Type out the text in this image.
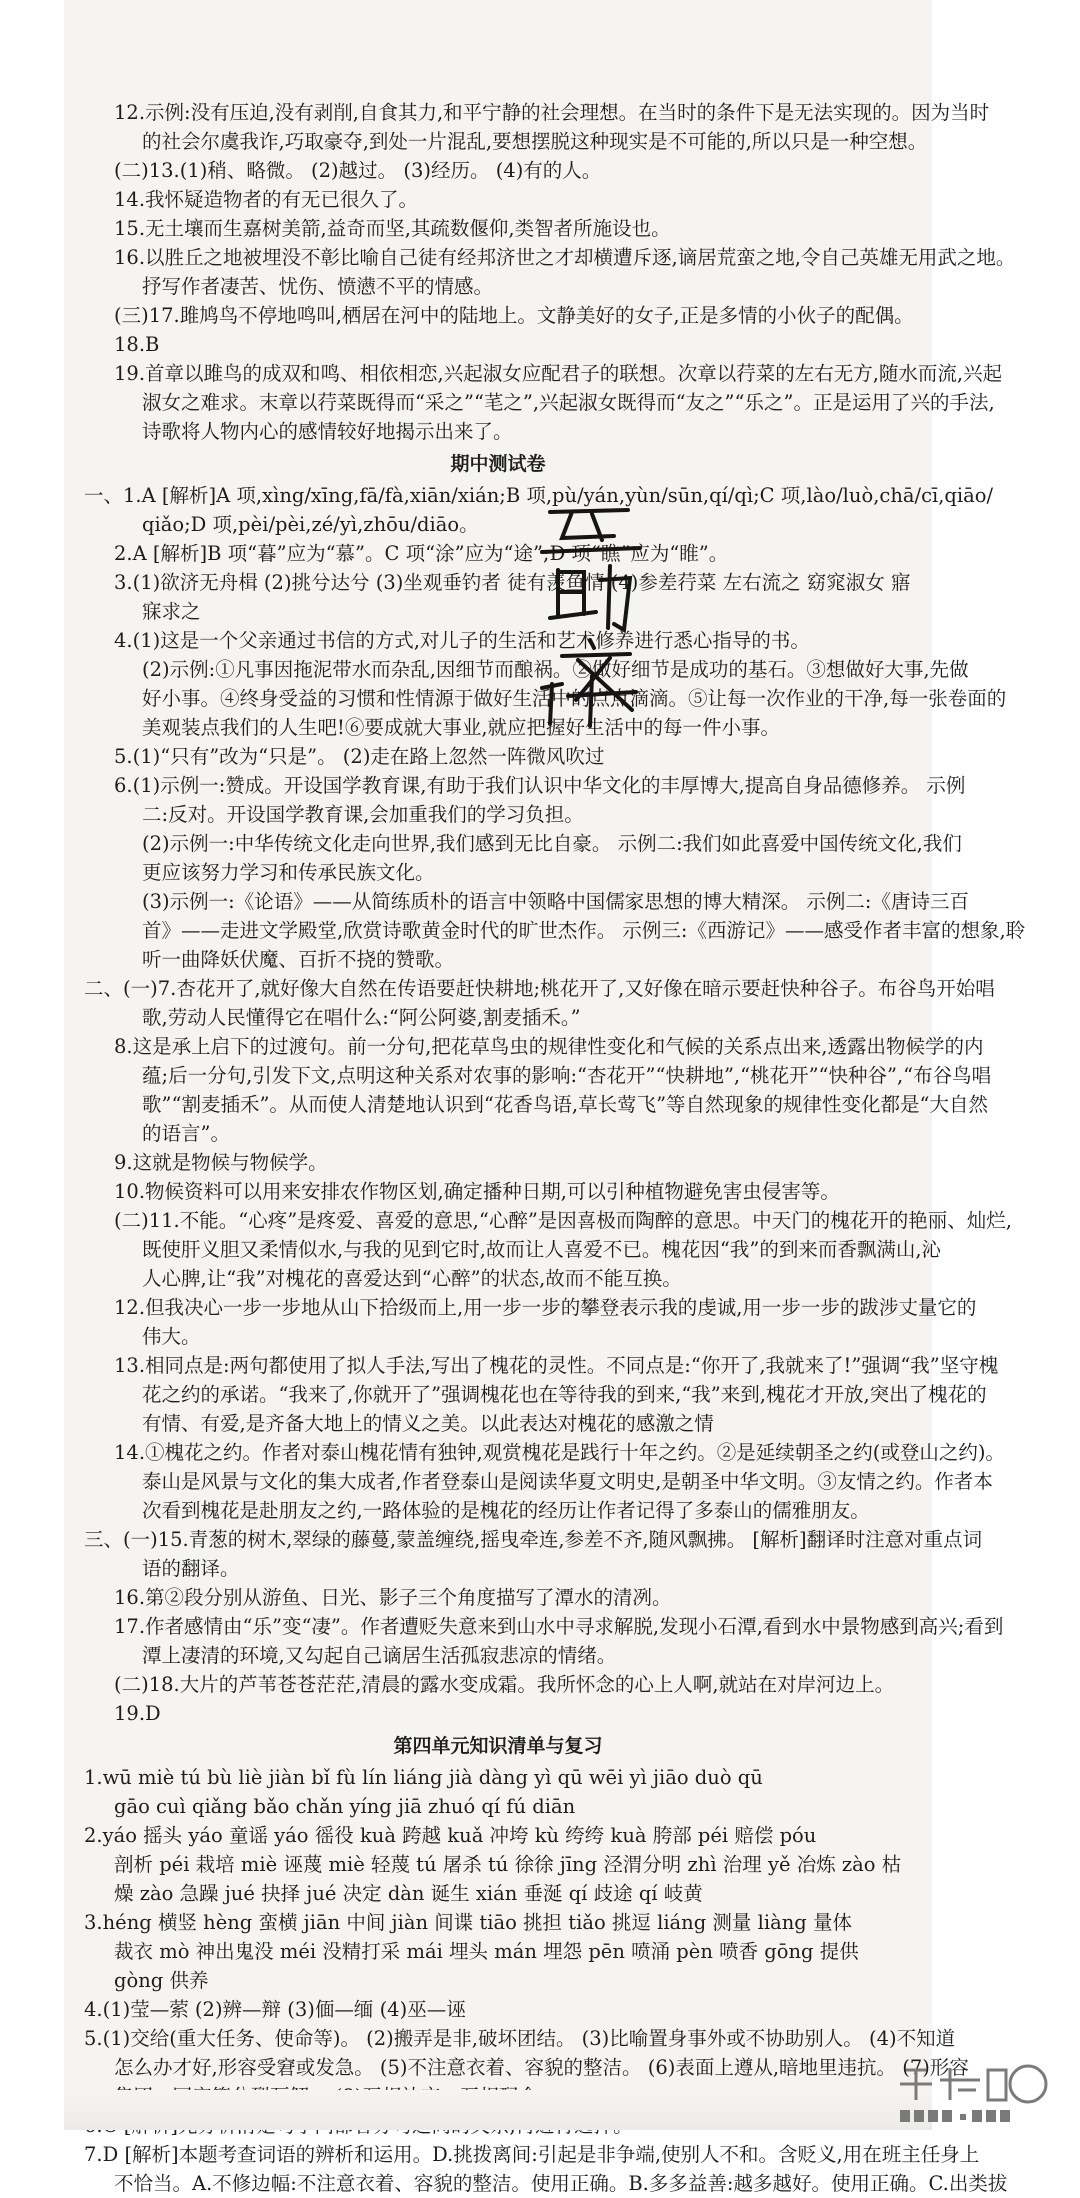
12.示例:没有压迫,没有剥削,自食其力,和平宁静的社会理想。在当时的条件下是无法实现的。因为当时
的社会尔虞我诈,巧取豪夺,到处一片混乱,要想摆脱这种现实是不可能的,所以只是一种空想。
(二)13.(1)稍、略微。 (2)越过。 (3)经历。 (4)有的人。
14.我怀疑造物者的有无已很久了。
15.无土壤而生嘉树美箭,益奇而坚,其疏数偃仰,类智者所施设也。
16.以胜丘之地被埋没不彰比喻自己徒有经邦济世之才却横遭斥逐,谪居荒蛮之地,令自己英雄无用武之地。
抒写作者凄苦、忧伤、愤懑不平的情感。
(三)17.雎鸠鸟不停地鸣叫,栖居在河中的陆地上。文静美好的女子,正是多情的小伙子的配偶。
18.B
19.首章以雎鸟的成双和鸣、相依相恋,兴起淑女应配君子的联想。次章以荇菜的左右无方,随水而流,兴起
淑女之难求。末章以荇菜既得而“采之”“芼之”,兴起淑女既得而“友之”“乐之”。正是运用了兴的手法,
诗歌将人物内心的感情较好地揭示出来了。
期中测试卷
一、1.A [解析]A 项,xìng/xīng,fā/fà,xiān/xián;B 项,pù/yán,yùn/sūn,qí/qì;C 项,lào/luò,chā/cī,qiāo/
qiǎo;D 项,pèi/pèi,zé/yì,zhōu/diāo。
2.A [解析]B 项“暮”应为“慕”。C 项“涂”应为“途”;D 项“瞧”应为“睢”。
3.(1)欲济无舟楫 (2)挑兮达兮 (3)坐观垂钓者 徒有羡鱼情 (4)参差荇菜 左右流之 窈窕淑女 寤
寐求之
4.(1)这是一个父亲通过书信的方式,对儿子的生活和艺术修养进行悉心指导的书。
(2)示例:①凡事因拖泥带水而杂乱,因细节而酿祸。②做好细节是成功的基石。③想做好大事,先做
好小事。④终身受益的习惯和性情源于做好生活中的点点滴滴。⑤让每一次作业的干净,每一张卷面的
美观装点我们的人生吧!⑥要成就大事业,就应把握好生活中的每一件小事。
5.(1)“只有”改为“只是”。 (2)走在路上忽然一阵微风吹过
6.(1)示例一:赞成。开设国学教育课,有助于我们认识中华文化的丰厚博大,提高自身品德修养。 示例
二:反对。开设国学教育课,会加重我们的学习负担。
(2)示例一:中华传统文化走向世界,我们感到无比自豪。 示例二:我们如此喜爱中国传统文化,我们
更应该努力学习和传承民族文化。
(3)示例一:《论语》——从简练质朴的语言中领略中国儒家思想的博大精深。 示例二:《唐诗三百
首》——走进文学殿堂,欣赏诗歌黄金时代的旷世杰作。 示例三:《西游记》——感受作者丰富的想象,聆
听一曲降妖伏魔、百折不挠的赞歌。
二、(一)7.杏花开了,就好像大自然在传语要赶快耕地;桃花开了,又好像在暗示要赶快种谷子。布谷鸟开始唱
歌,劳动人民懂得它在唱什么:“阿公阿婆,割麦插禾。”
8.这是承上启下的过渡句。前一分句,把花草鸟虫的规律性变化和气候的关系点出来,透露出物候学的内
蕴;后一分句,引发下文,点明这种关系对农事的影响:“杏花开”“快耕地”,“桃花开”“快种谷”,“布谷鸟唱
歌”“割麦插禾”。从而使人清楚地认识到“花香鸟语,草长莺飞”等自然现象的规律性变化都是“大自然
的语言”。
9.这就是物候与物候学。
10.物候资料可以用来安排农作物区划,确定播种日期,可以引种植物避免害虫侵害等。
(二)11.不能。“心疼”是疼爱、喜爱的意思,“心醉”是因喜极而陶醉的意思。中天门的槐花开的艳丽、灿烂,
既使肝义胆又柔情似水,与我的见到它时,故而让人喜爱不已。槐花因“我”的到来而香飘满山,沁
人心脾,让“我”对槐花的喜爱达到“心醉”的状态,故而不能互换。
12.但我决心一步一步地从山下拾级而上,用一步一步的攀登表示我的虔诚,用一步一步的跋涉丈量它的
伟大。
13.相同点是:两句都使用了拟人手法,写出了槐花的灵性。不同点是:“你开了,我就来了!”强调“我”坚守槐
花之约的承诺。“我来了,你就开了”强调槐花也在等待我的到来,“我”来到,槐花才开放,突出了槐花的
有情、有爱,是齐备大地上的情义之美。以此表达对槐花的感激之情
14.①槐花之约。作者对泰山槐花情有独钟,观赏槐花是践行十年之约。②是延续朝圣之约(或登山之约)。
泰山是风景与文化的集大成者,作者登泰山是阅读华夏文明史,是朝圣中华文明。③友情之约。作者本
次看到槐花是赴朋友之约,一路体验的是槐花的经历让作者记得了多泰山的儒雅朋友。
三、(一)15.青葱的树木,翠绿的藤蔓,蒙盖缠绕,摇曳牵连,参差不齐,随风飘拂。 [解析]翻译时注意对重点词
语的翻译。
16.第②段分别从游鱼、日光、影子三个角度描写了潭水的清冽。
17.作者感情由“乐”变“凄”。作者遭贬失意来到山水中寻求解脱,发现小石潭,看到水中景物感到高兴;看到
潭上凄清的环境,又勾起自己谪居生活孤寂悲凉的情绪。
(二)18.大片的芦苇苍苍茫茫,清晨的露水变成霜。我所怀念的心上人啊,就站在对岸河边上。
19.D
第四单元知识清单与复习
1.wū miè tú bù liè jiàn bǐ fù lín liáng jià dàng yì qū wēi yì jiāo duò qū
gāo cuì qiǎng bǎo chǎn yíng jiā zhuó qí fú diān
2.yáo 摇头 yáo 童谣 yáo 徭役 kuà 跨越 kuǎ 冲垮 kù 绔绔 kuà 胯部 péi 赔偿 póu
剖析 péi 栽培 miè 诬蔑 miè 轻蔑 tú 屠杀 tú 徐徐 jīng 泾渭分明 zhì 治理 yě 冶炼 zào 枯
燥 zào 急躁 jué 抉择 jué 决定 dàn 诞生 xián 垂涎 qí 歧途 qí 岐黄
3.héng 横竖 hèng 蛮横 jiān 中间 jiàn 间谍 tiāo 挑担 tiǎo 挑逗 liáng 测量 liàng 量体
裁衣 mò 神出鬼没 méi 没精打采 mái 埋头 mán 埋怨 pēn 喷涌 pèn 喷香 gōng 提供
gòng 供养
4.(1)莹—萦 (2)辨—辩 (3)偭—缅 (4)巫—诬
5.(1)交给(重大任务、使命等)。 (2)搬弄是非,破坏团结。 (3)比喻置身事外或不协助别人。 (4)不知道
怎么办才好,形容受窘或发急。 (5)不注意衣着、容貌的整洁。 (6)表面上遵从,暗地里违抗。 (7)形容
7.D [解析]本题考查词语的辨析和运用。D.挑拨离间:引起是非争端,使别人不和。含贬义,用在班主任身上
不恰当。A.不修边幅:不注意衣着、容貌的整洁。使用正确。B.多多益善:越多越好。使用正确。C.出类拔
